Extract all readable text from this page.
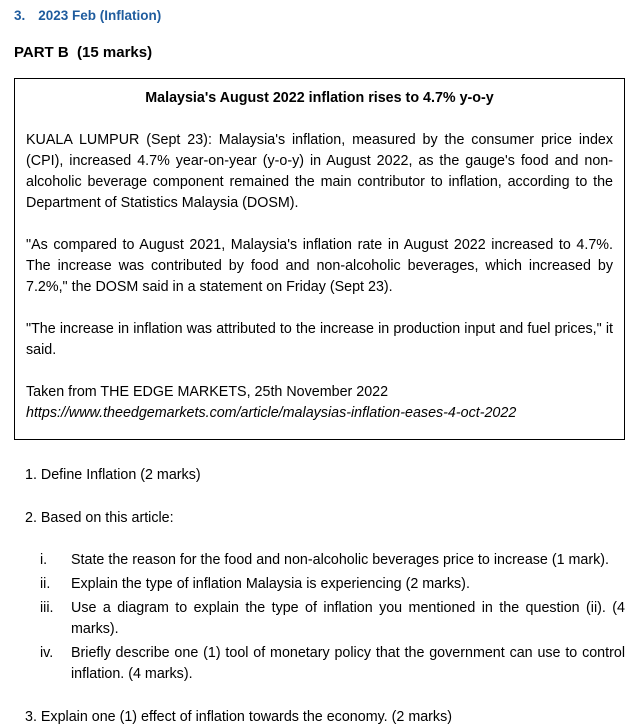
3. 2023 Feb (Inflation)
PART B  (15 marks)
Malaysia's August 2022 inflation rises to 4.7% y-o-y

KUALA LUMPUR (Sept 23): Malaysia's inflation, measured by the consumer price index (CPI), increased 4.7% year-on-year (y-o-y) in August 2022, as the gauge's food and non-alcoholic beverage component remained the main contributor to inflation, according to the Department of Statistics Malaysia (DOSM).

"As compared to August 2021, Malaysia's inflation rate in August 2022 increased to 4.7%. The increase was contributed by food and non-alcoholic beverages, which increased by 7.2%," the DOSM said in a statement on Friday (Sept 23).

"The increase in inflation was attributed to the increase in production input and fuel prices," it said.

Taken from THE EDGE MARKETS, 25th November 2022
https://www.theedgemarkets.com/article/malaysias-inflation-eases-4-oct-2022

1. Define Inflation (2 marks)
2. Based on this article:
i.	State the reason for the food and non-alcoholic beverages price to increase (1 mark).
ii.	Explain the type of inflation Malaysia is experiencing (2 marks).
iii.	Use a diagram to explain the type of inflation you mentioned in the question (ii). (4 marks).
iv.	Briefly describe one (1) tool of monetary policy that the government can use to control inflation. (4 marks).
3. Explain one (1) effect of inflation towards the economy. (2 marks)
